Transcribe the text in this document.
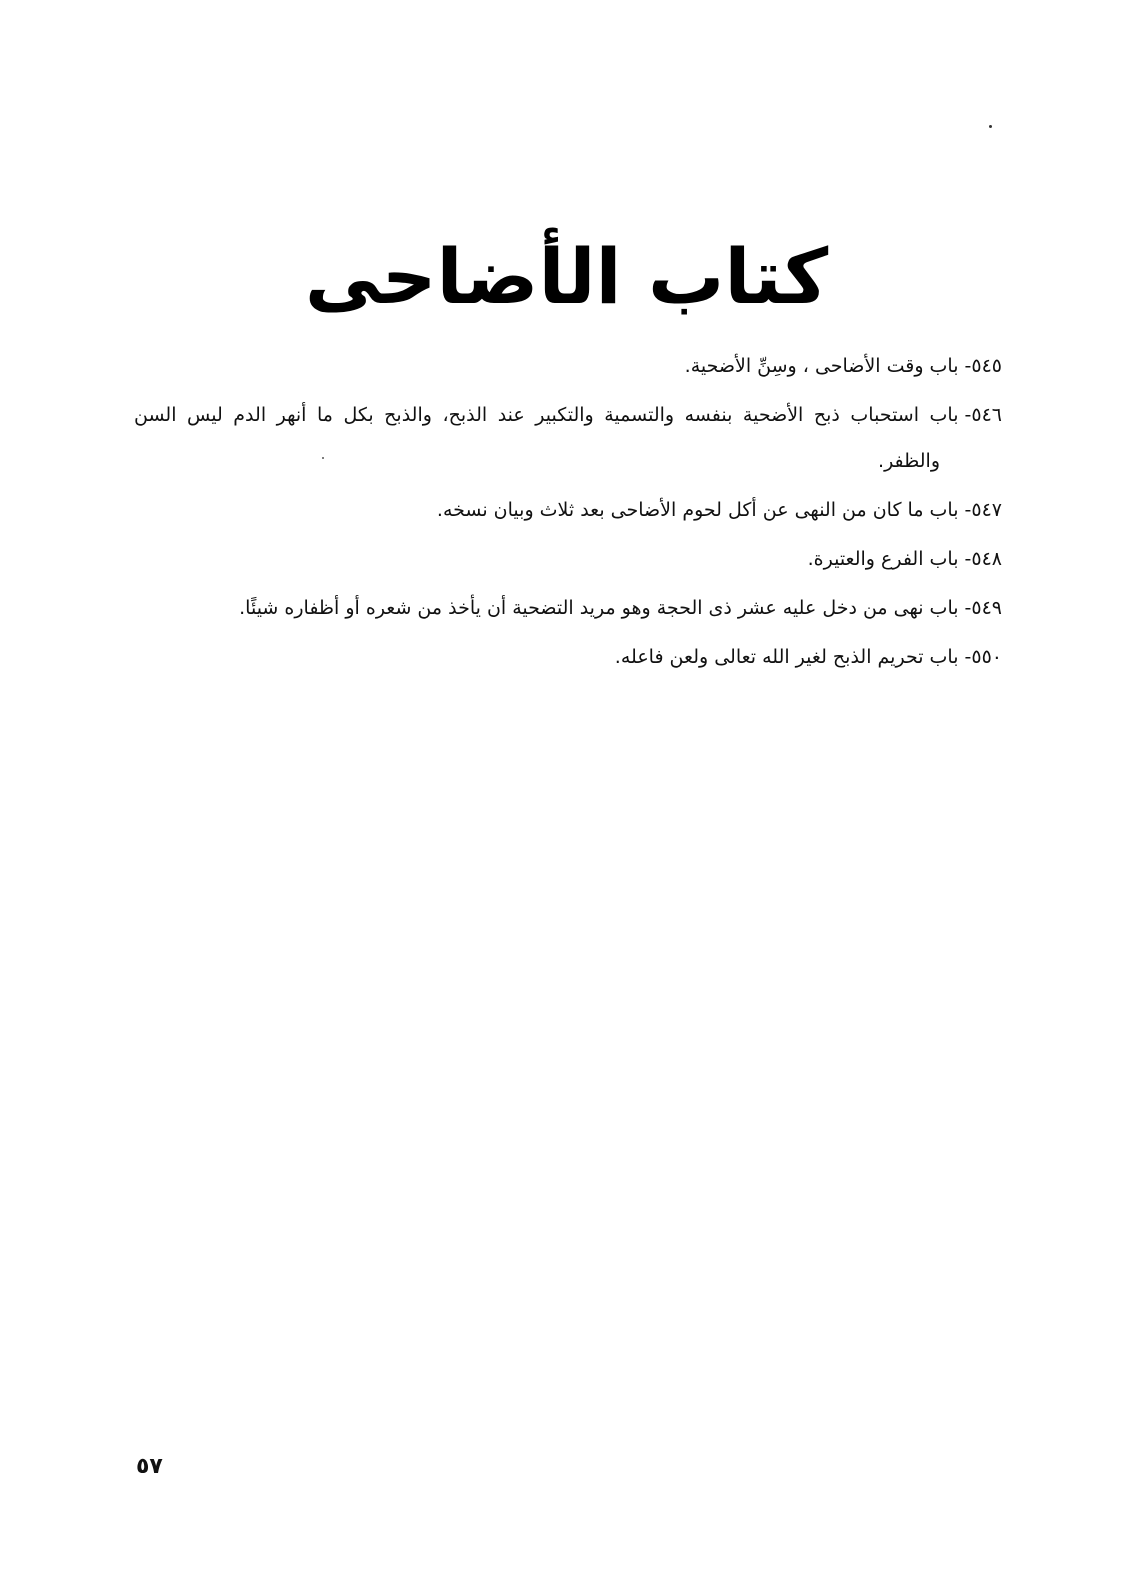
كتاب الأضاحى

٥٤٥-باب وقت الأضاحى ، وسِنِّ الأضحية.

٥٤٦-باب استحباب ذبح الأضحية بنفسه والتسمية والتكبير عند الذبح، والذبح بكل ما أنهر الدم ليس السن والظفر.

٥٤٧-باب ما كان من النهى عن أكل لحوم الأضاحى بعد ثلاث وبيان نسخه.

٥٤٨-باب الفرع والعتيرة.

٥٤٩-باب نهى من دخل عليه عشر ذى الحجة وهو مريد التضحية أن يأخذ من شعره أو أظفاره شيئًا.

٥٥٠-باب تحريم الذبح لغير الله تعالى ولعن فاعله.

٥٧
